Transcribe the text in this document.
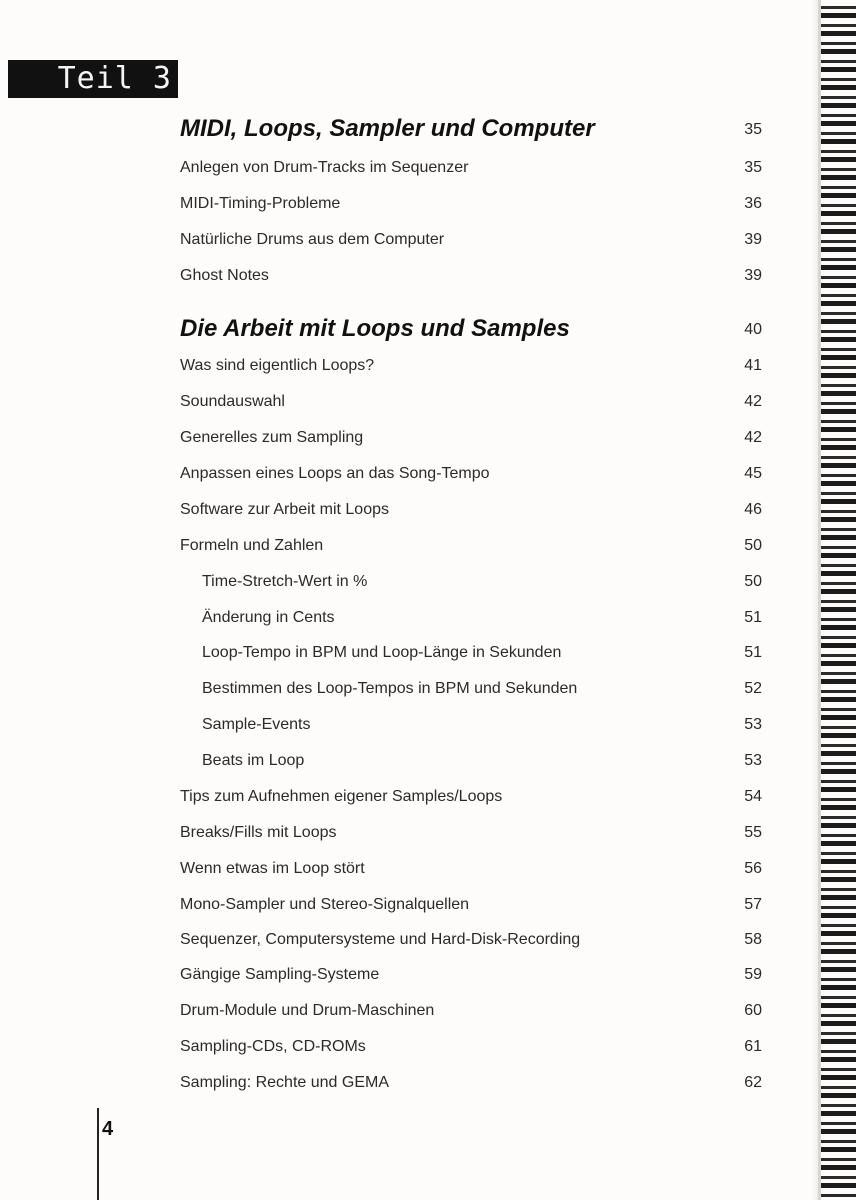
Teil 3
MIDI, Loops, Sampler und Computer	35
Anlegen von Drum-Tracks im Sequenzer	35
MIDI-Timing-Probleme	36
Natürliche Drums aus dem Computer	39
Ghost Notes	39
Die Arbeit mit Loops und Samples	40
Was sind eigentlich Loops?	41
Soundauswahl	42
Generelles zum Sampling	42
Anpassen eines Loops an das Song-Tempo	45
Software zur Arbeit mit Loops	46
Formeln und Zahlen	50
Time-Stretch-Wert in %	50
Änderung in Cents	51
Loop-Tempo in BPM und Loop-Länge in Sekunden	51
Bestimmen des Loop-Tempos in BPM und Sekunden	52
Sample-Events	53
Beats im Loop	53
Tips zum Aufnehmen eigener Samples/Loops	54
Breaks/Fills mit Loops	55
Wenn etwas im Loop stört	56
Mono-Sampler und Stereo-Signalquellen	57
Sequenzer, Computersysteme und Hard-Disk-Recording	58
Gängige Sampling-Systeme	59
Drum-Module und Drum-Maschinen	60
Sampling-CDs, CD-ROMs	61
Sampling: Rechte und GEMA	62
4
